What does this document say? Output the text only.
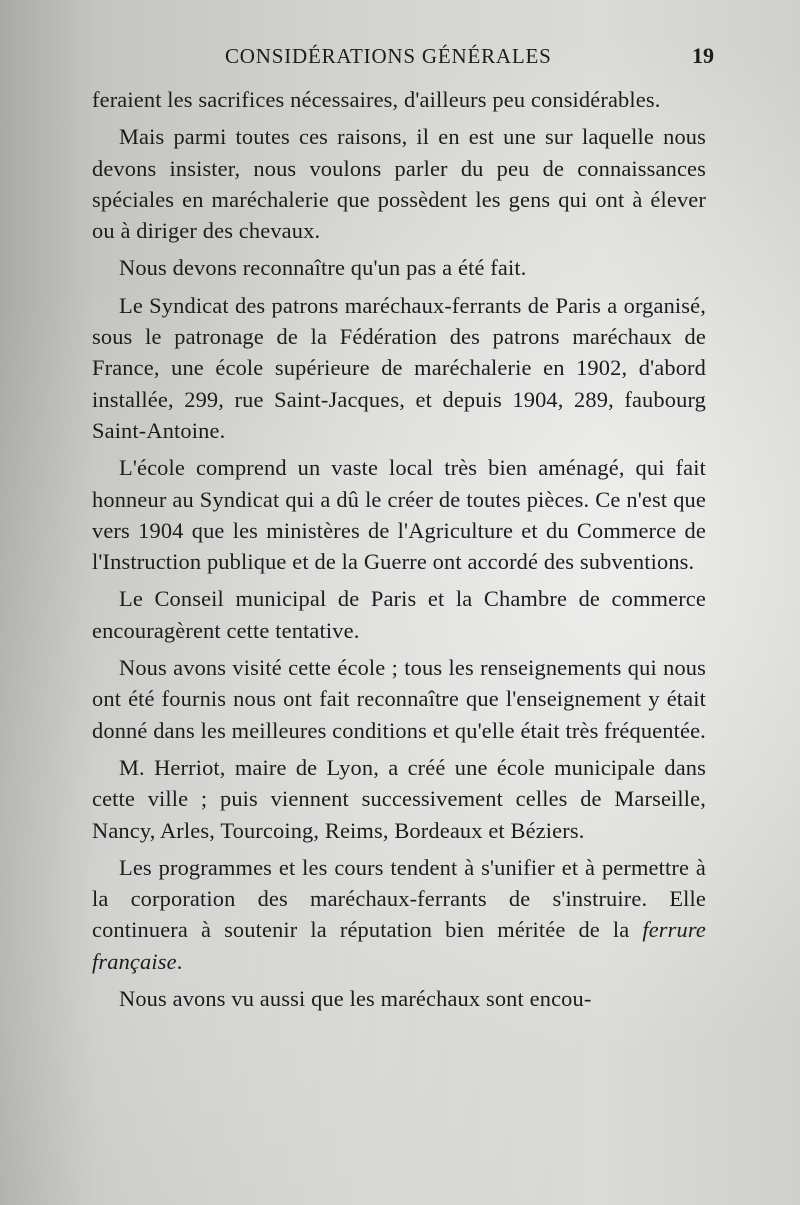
CONSIDÉRATIONS GÉNÉRALES	19

feraient les sacrifices nécessaires, d'ailleurs peu considérables.

Mais parmi toutes ces raisons, il en est une sur laquelle nous devons insister, nous voulons parler du peu de connaissances spéciales en maréchalerie que possèdent les gens qui ont à élever ou à diriger des chevaux.

Nous devons reconnaître qu'un pas a été fait.

Le Syndicat des patrons maréchaux-ferrants de Paris a organisé, sous le patronage de la Fédération des patrons maréchaux de France, une école supérieure de maréchalerie en 1902, d'abord installée, 299, rue Saint-Jacques, et depuis 1904, 289, faubourg Saint-Antoine.

L'école comprend un vaste local très bien aménagé, qui fait honneur au Syndicat qui a dû le créer de toutes pièces. Ce n'est que vers 1904 que les ministères de l'Agriculture et du Commerce de l'Instruction publique et de la Guerre ont accordé des subventions.

Le Conseil municipal de Paris et la Chambre de commerce encouragèrent cette tentative.

Nous avons visité cette école ; tous les renseignements qui nous ont été fournis nous ont fait reconnaître que l'enseignement y était donné dans les meilleures conditions et qu'elle était très fréquentée.

M. Herriot, maire de Lyon, a créé une école municipale dans cette ville ; puis viennent successivement celles de Marseille, Nancy, Arles, Tourcoing, Reims, Bordeaux et Béziers.

Les programmes et les cours tendent à s'unifier et à permettre à la corporation des maréchaux-ferrants de s'instruire. Elle continuera à soutenir la réputation bien méritée de la ferrure française.

Nous avons vu aussi que les maréchaux sont encou-
